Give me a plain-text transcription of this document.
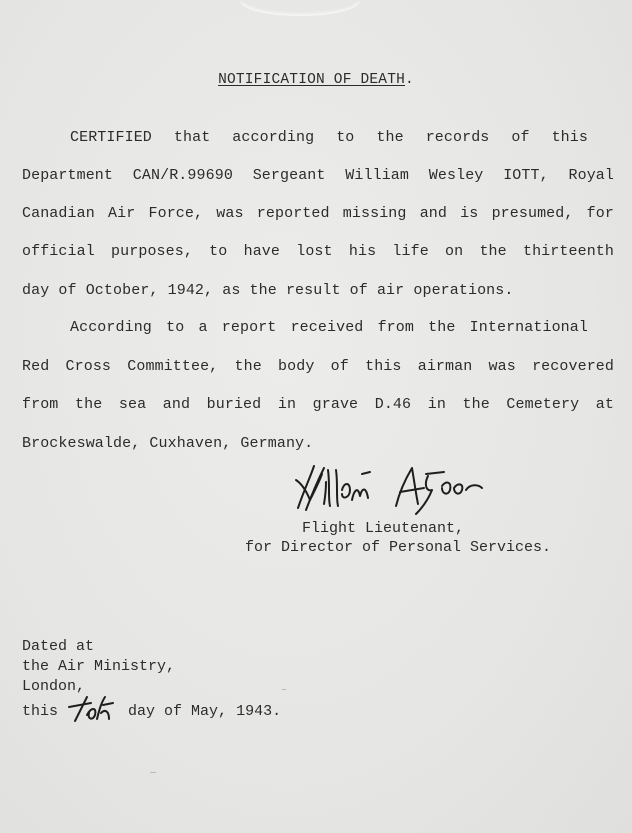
NOTIFICATION OF DEATH.
CERTIFIED that according to the records of this
Department CAN/R.99690 Sergeant William Wesley IOTT, Royal
Canadian Air Force, was reported missing and is presumed, for
official purposes, to have lost his life on the thirteenth
day of October, 1942, as the result of air operations.
According to a report received from the International
Red Cross Committee, the body of this airman was recovered
from the sea and buried in grave D.46 in the Cemetery at
Brockeswalde, Cuxhaven, Germany.
Flight Lieutenant,
for Director of Personal Services.
Dated at
the Air Ministry,
London,
this	day of May, 1943.
